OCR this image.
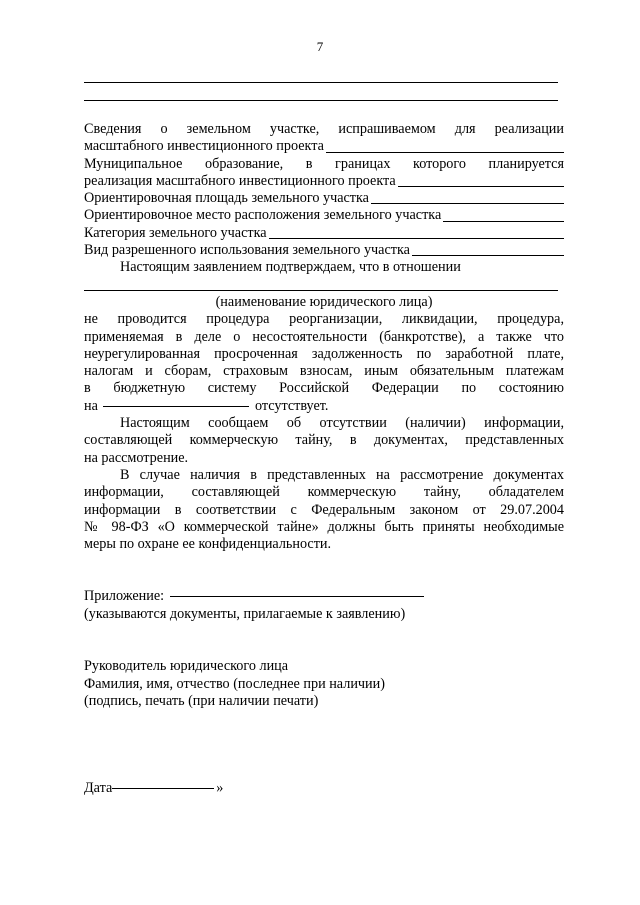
7
Сведения о земельном участке, испрашиваемом для реализации
масштабного инвестиционного проекта
Муниципальное образование, в границах которого планируется
реализация масштабного инвестиционного проекта
Ориентировочная площадь земельного участка
Ориентировочное место расположения земельного участка
Категория земельного участка
Вид разрешенного использования земельного участка
Настоящим заявлением подтверждаем, что в отношении
(наименование юридического лица)
не проводится процедура реорганизации, ликвидации, процедура,
применяемая в деле о несостоятельности (банкротстве), а также что
неурегулированная просроченная задолженность по заработной плате,
налогам и сборам, страховым взносам, иным обязательным платежам
в бюджетную систему Российской Федерации по состоянию
на	отсутствует.
Настоящим сообщаем об отсутствии (наличии) информации,
составляющей коммерческую тайну, в документах, представленных
на рассмотрение.
В случае наличия в представленных на рассмотрение документах
информации, составляющей коммерческую тайну, обладателем
информации в соответствии с Федеральным законом от 29.07.2004
№ 98-ФЗ «О коммерческой тайне» должны быть приняты необходимые
меры по охране ее конфиденциальности.
Приложение:
(указываются документы, прилагаемые к заявлению)
Руководитель юридического лица
Фамилия, имя, отчество (последнее при наличии)
(подпись, печать (при наличии печати)
Дата	»
